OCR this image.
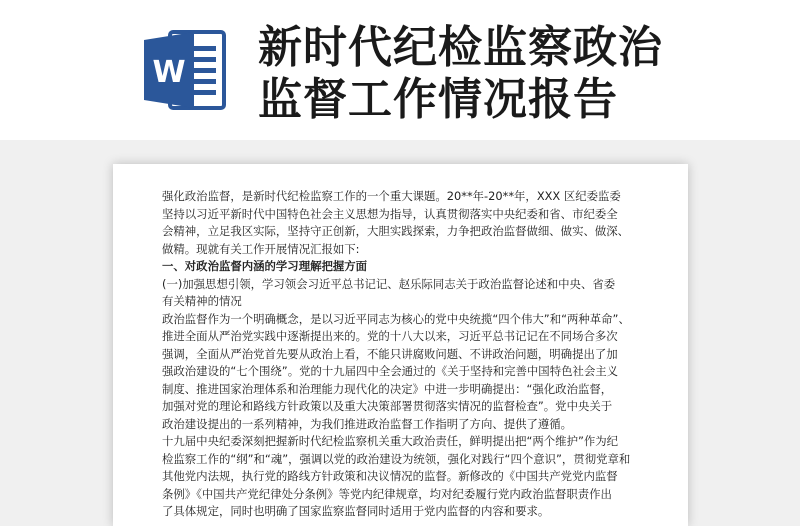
W 新时代纪检监察政治
监督工作情况报告

强化政治监督，是新时代纪检监察工作的一个重大课题。20**年-20**年，XXX 区纪委监委

坚持以习近平新时代中国特色社会主义思想为指导，认真贯彻落实中央纪委和省、市纪委全

会精神，立足我区实际，坚持守正创新，大胆实践探索，力争把政治监督做细、做实、做深、

做精。现就有关工作开展情况汇报如下:

一、对政治监督内涵的学习理解把握方面

(一)加强思想引领，学习领会习近平总书记记、赵乐际同志关于政治监督论述和中央、省委

有关精神的情况

政治监督作为一个明确概念，是以习近平同志为核心的党中央统揽“四个伟大”和“两种革命”、

推进全面从严治党实践中逐渐提出来的。党的十八大以来，习近平总书记记在不同场合多次

强调，全面从严治党首先要从政治上看，不能只讲腐败问题、不讲政治问题，明确提出了加

强政治建设的“七个围绕”。党的十九届四中全会通过的《关于坚持和完善中国特色社会主义

制度、推进国家治理体系和治理能力现代化的决定》中进一步明确提出：“强化政治监督，

加强对党的理论和路线方针政策以及重大决策部署贯彻落实情况的监督检查”。党中央关于

政治建设提出的一系列精神，为我们推进政治监督工作指明了方向、提供了遵循。

十九届中央纪委深刻把握新时代纪检监察机关重大政治责任，鲜明提出把“两个维护”作为纪

检监察工作的“纲”和“魂”，强调以党的政治建设为统领，强化对践行“四个意识”，贯彻党章和

其他党内法规，执行党的路线方针政策和决议情况的监督。新修改的《中国共产党党内监督

条例》《中国共产党纪律处分条例》等党内纪律规章，均对纪委履行党内政治监督职责作出

了具体规定，同时也明确了国家监察监督同时适用于党内监督的内容和要求。
